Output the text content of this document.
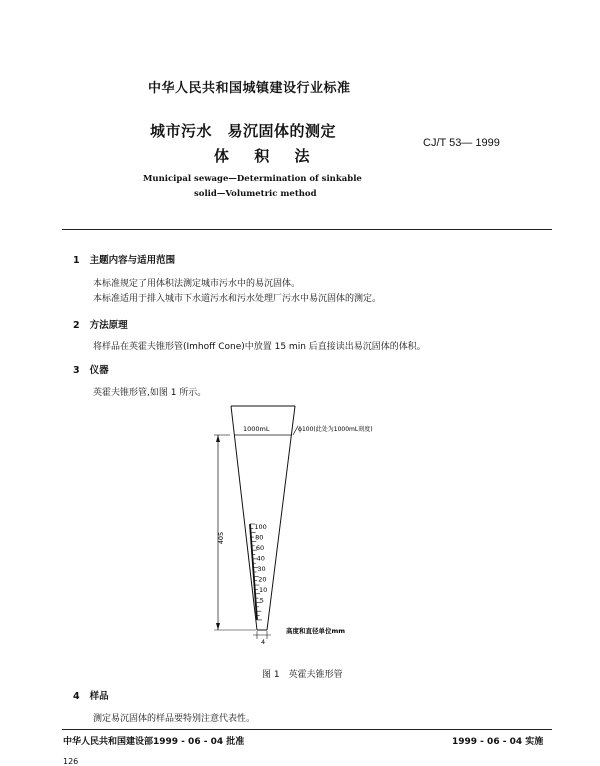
中华人民共和国城镇建设行业标准
城市污水　易沉固体的测定
体 积 法
CJ/T 53— 1999
Municipal sewage—Determination of sinkable
solid—Volumetric method
1 主题内容与适用范围
本标准规定了用体积法测定城市污水中的易沉固体。
本标准适用于排入城市下水道污水和污水处理厂污水中易沉固体的测定。
2 方法原理
将样品在英霍夫锥形管(Imhoff Cone)中放置 15 min 后直接读出易沉固体的体积。
3 仪器
英霍夫锥形管,如图 1 所示。
1000mL	ϕ100(此处为1000mL刻度)
405
100
80
60
40
30
20
10
5
4
高度和直径单位mm
图 1　英霍夫锥形管
4 样品
测定易沉固体的样品要特别注意代表性。
中华人民共和国建设部1999 - 06 - 04 批准	1999 - 06 - 04 实施
126
